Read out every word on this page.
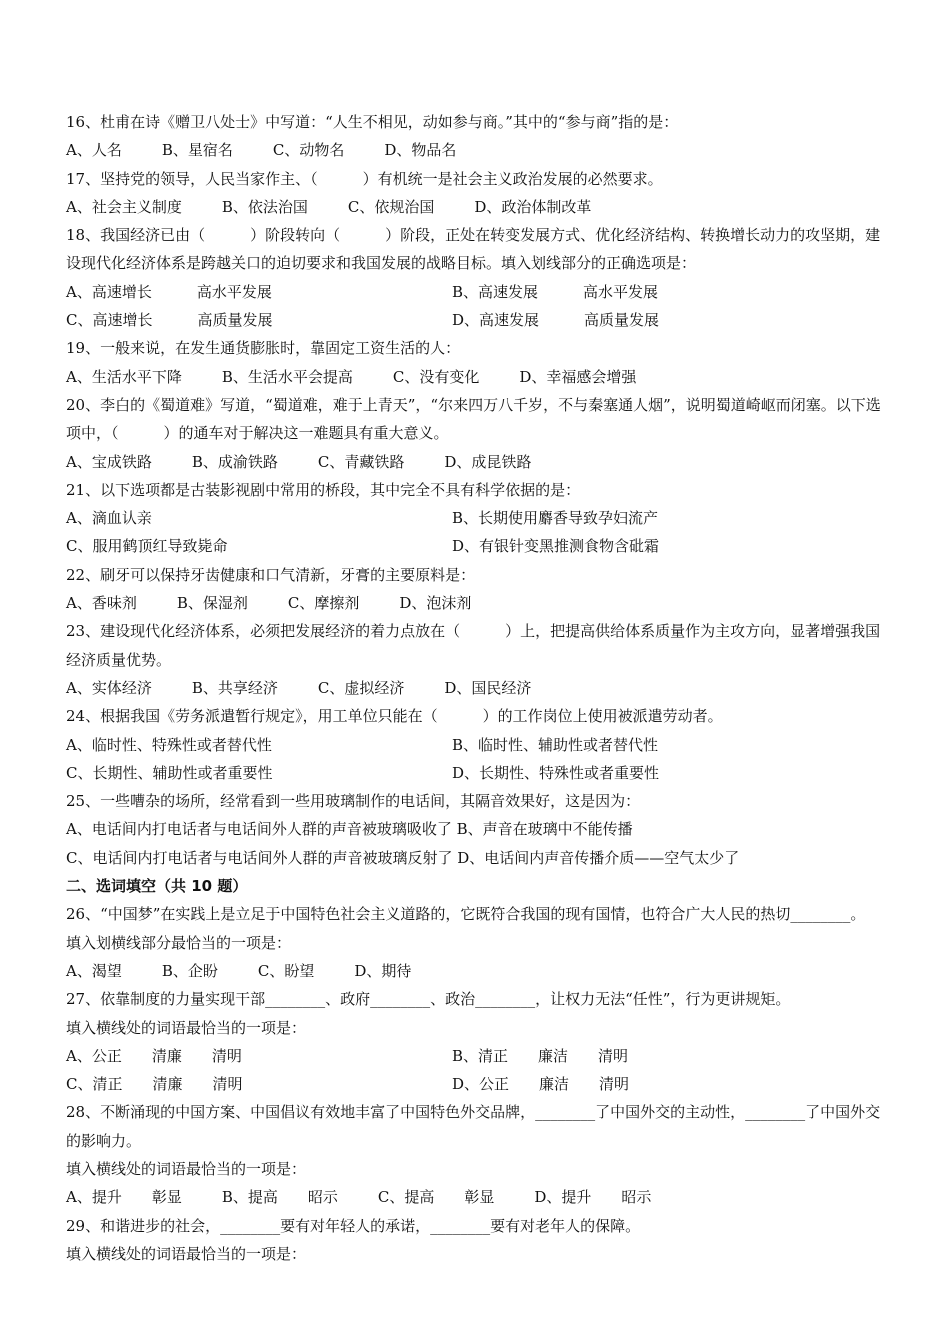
16、杜甫在诗《赠卫八处士》中写道：“人生不相见，动如参与商。”其中的“参与商”指的是：
A、人名	B、星宿名	C、动物名	D、物品名
17、坚持党的领导，人民当家作主、（　　　）有机统一是社会主义政治发展的必然要求。
A、社会主义制度	B、依法治国	C、依规治国	D、政治体制改革
18、我国经济已由（　　　）阶段转向（　　　）阶段，正处在转变发展方式、优化经济结构、转换增长动力的攻坚期，建设现代化经济体系是跨越关口的迫切要求和我国发展的战略目标。填入划线部分的正确选项是：
A、高速增长　　　高水平发展	B、高速发展　　　高水平发展
C、高速增长　　　高质量发展	D、高速发展　　　高质量发展
19、一般来说，在发生通货膨胀时，靠固定工资生活的人：
A、生活水平下降	B、生活水平会提高	C、没有变化	D、幸福感会增强
20、李白的《蜀道难》写道，“蜀道难，难于上青天”，“尔来四万八千岁，不与秦塞通人烟”，说明蜀道崎岖而闭塞。以下选项中，（　　　）的通车对于解决这一难题具有重大意义。
A、宝成铁路	B、成渝铁路	C、青藏铁路	D、成昆铁路
21、以下选项都是古装影视剧中常用的桥段，其中完全不具有科学依据的是：
A、滴血认亲	B、长期使用麝香导致孕妇流产
C、服用鹤顶红导致毙命	D、有银针变黑推测食物含砒霜
22、刷牙可以保持牙齿健康和口气清新，牙膏的主要原料是：
A、香味剂	B、保湿剂	C、摩擦剂	D、泡沫剂
23、建设现代化经济体系，必须把发展经济的着力点放在（　　　）上，把提高供给体系质量作为主攻方向，显著增强我国经济质量优势。
A、实体经济	B、共享经济	C、虚拟经济	D、国民经济
24、根据我国《劳务派遣暂行规定》，用工单位只能在（　　　）的工作岗位上使用被派遣劳动者。
A、临时性、特殊性或者替代性	B、临时性、辅助性或者替代性
C、长期性、辅助性或者重要性	D、长期性、特殊性或者重要性
25、一些嘈杂的场所，经常看到一些用玻璃制作的电话间，其隔音效果好，这是因为：
A、电话间内打电话者与电话间外人群的声音被玻璃吸收了 B、声音在玻璃中不能传播
C、电话间内打电话者与电话间外人群的声音被玻璃反射了 D、电话间内声音传播介质——空气太少了
二、选词填空（共 10 题）
26、“中国梦”在实践上是立足于中国特色社会主义道路的，它既符合我国的现有国情，也符合广大人民的热切________。
填入划横线部分最恰当的一项是：
A、渴望	B、企盼	C、盼望	D、期待
27、依靠制度的力量实现干部________、政府________、政治________，让权力无法“任性”，行为更讲规矩。
填入横线处的词语最恰当的一项是：
A、公正　　清廉　　清明	B、清正　　廉洁　　清明
C、清正　　清廉　　清明	D、公正　　廉洁　　清明
28、不断涌现的中国方案、中国倡议有效地丰富了中国特色外交品牌，________了中国外交的主动性，________了中国外交的影响力。
填入横线处的词语最恰当的一项是：
A、提升　　彰显	B、提高　　昭示	C、提高　　彰显	D、提升　　昭示
29、和谐进步的社会，________要有对年轻人的承诺，________要有对老年人的保障。
填入横线处的词语最恰当的一项是：
